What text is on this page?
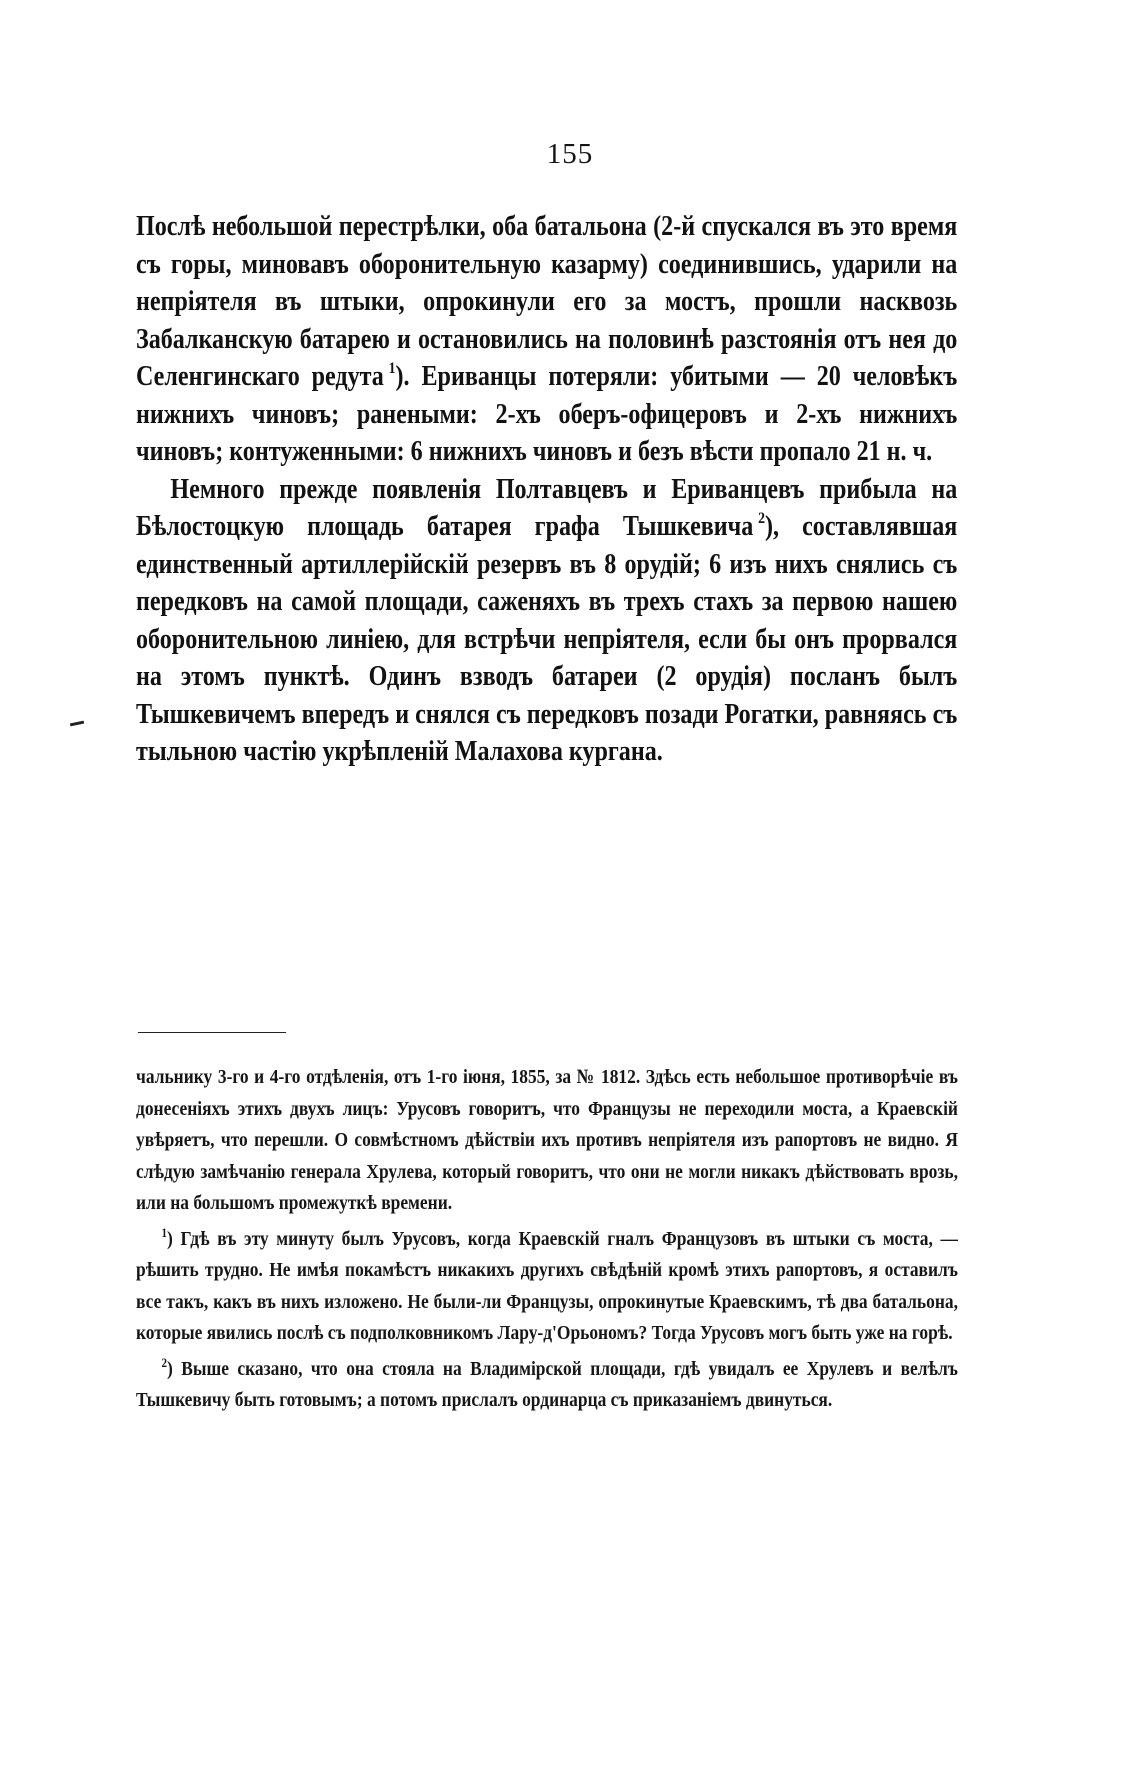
155

Послѣ небольшой перестрѣлки, оба батальона (2-й спускался въ это время съ горы, миновавъ оборонительную казарму) соединившись, ударили на непріятеля въ штыки, опрокинули его за мостъ, прошли насквозь Забалканскую батарею и остановились на половинѣ разстоянія отъ нея до Селенгинскаго редута  $^1$). Ериванцы потеряли: убитыми — 20 человѣкъ нижнихъ чиновъ; ранеными: 2-хъ оберъ-офицеровъ и 2-хъ нижнихъ чиновъ; контуженными: 6 нижнихъ чиновъ и безъ вѣсти пропало 21 н. ч.

Немного прежде появленія Полтавцевъ и Ериванцевъ прибыла на Бѣлостоцкую площадь батарея графа Тышкевича  $^2$), составлявшая единственный артиллерійскій резервъ въ 8 орудій; 6 изъ нихъ снялись съ передковъ на самой площади, саженяхъ въ трехъ стахъ за первою нашею оборонительною линіею, для встрѣчи непріятеля, если бы онъ прорвался на этомъ пунктѣ. Одинъ взводъ батареи (2 орудія) посланъ былъ Тышкевичемъ впередъ и снялся съ передковъ позади Рогатки, равняясь съ тыльною частію укрѣпленій Малахова кургана.

чальнику 3-го и 4-го отдѣленія, отъ 1-го іюня, 1855, за № 1812. Здѣсь есть небольшое противорѣчіе въ донесеніяхъ этихъ двухъ лицъ: Урусовъ говоритъ, что Французы не переходили моста, а Краевскій увѣряетъ, что перешли. О совмѣстномъ дѣйствіи ихъ противъ непріятеля изъ рапортовъ не видно. Я слѣдую замѣчанію генерала Хрулева, который говоритъ, что они не могли никакъ дѣйствовать врозь, или на большомъ промежуткѣ времени.

$^1$) Гдѣ въ эту минуту былъ Урусовъ, когда Краевскій гналъ Французовъ въ штыки съ моста, — рѣшить трудно. Не имѣя покамѣстъ никакихъ другихъ свѣдѣній кромѣ этихъ рапортовъ, я оставилъ все такъ, какъ въ нихъ изложено. Не были-ли Французы, опрокинутые Краевскимъ, тѣ два батальона, которые явились послѣ съ подполковникомъ Лару-д'Орьономъ? Тогда Урусовъ могъ быть уже на горѣ.

$^2$) Выше сказано, что она стояла на Владимірской площади, гдѣ увидалъ ее Хрулевъ и велѣлъ Тышкевичу быть готовымъ; а потомъ прислалъ ординарца съ приказаніемъ двинуться.
